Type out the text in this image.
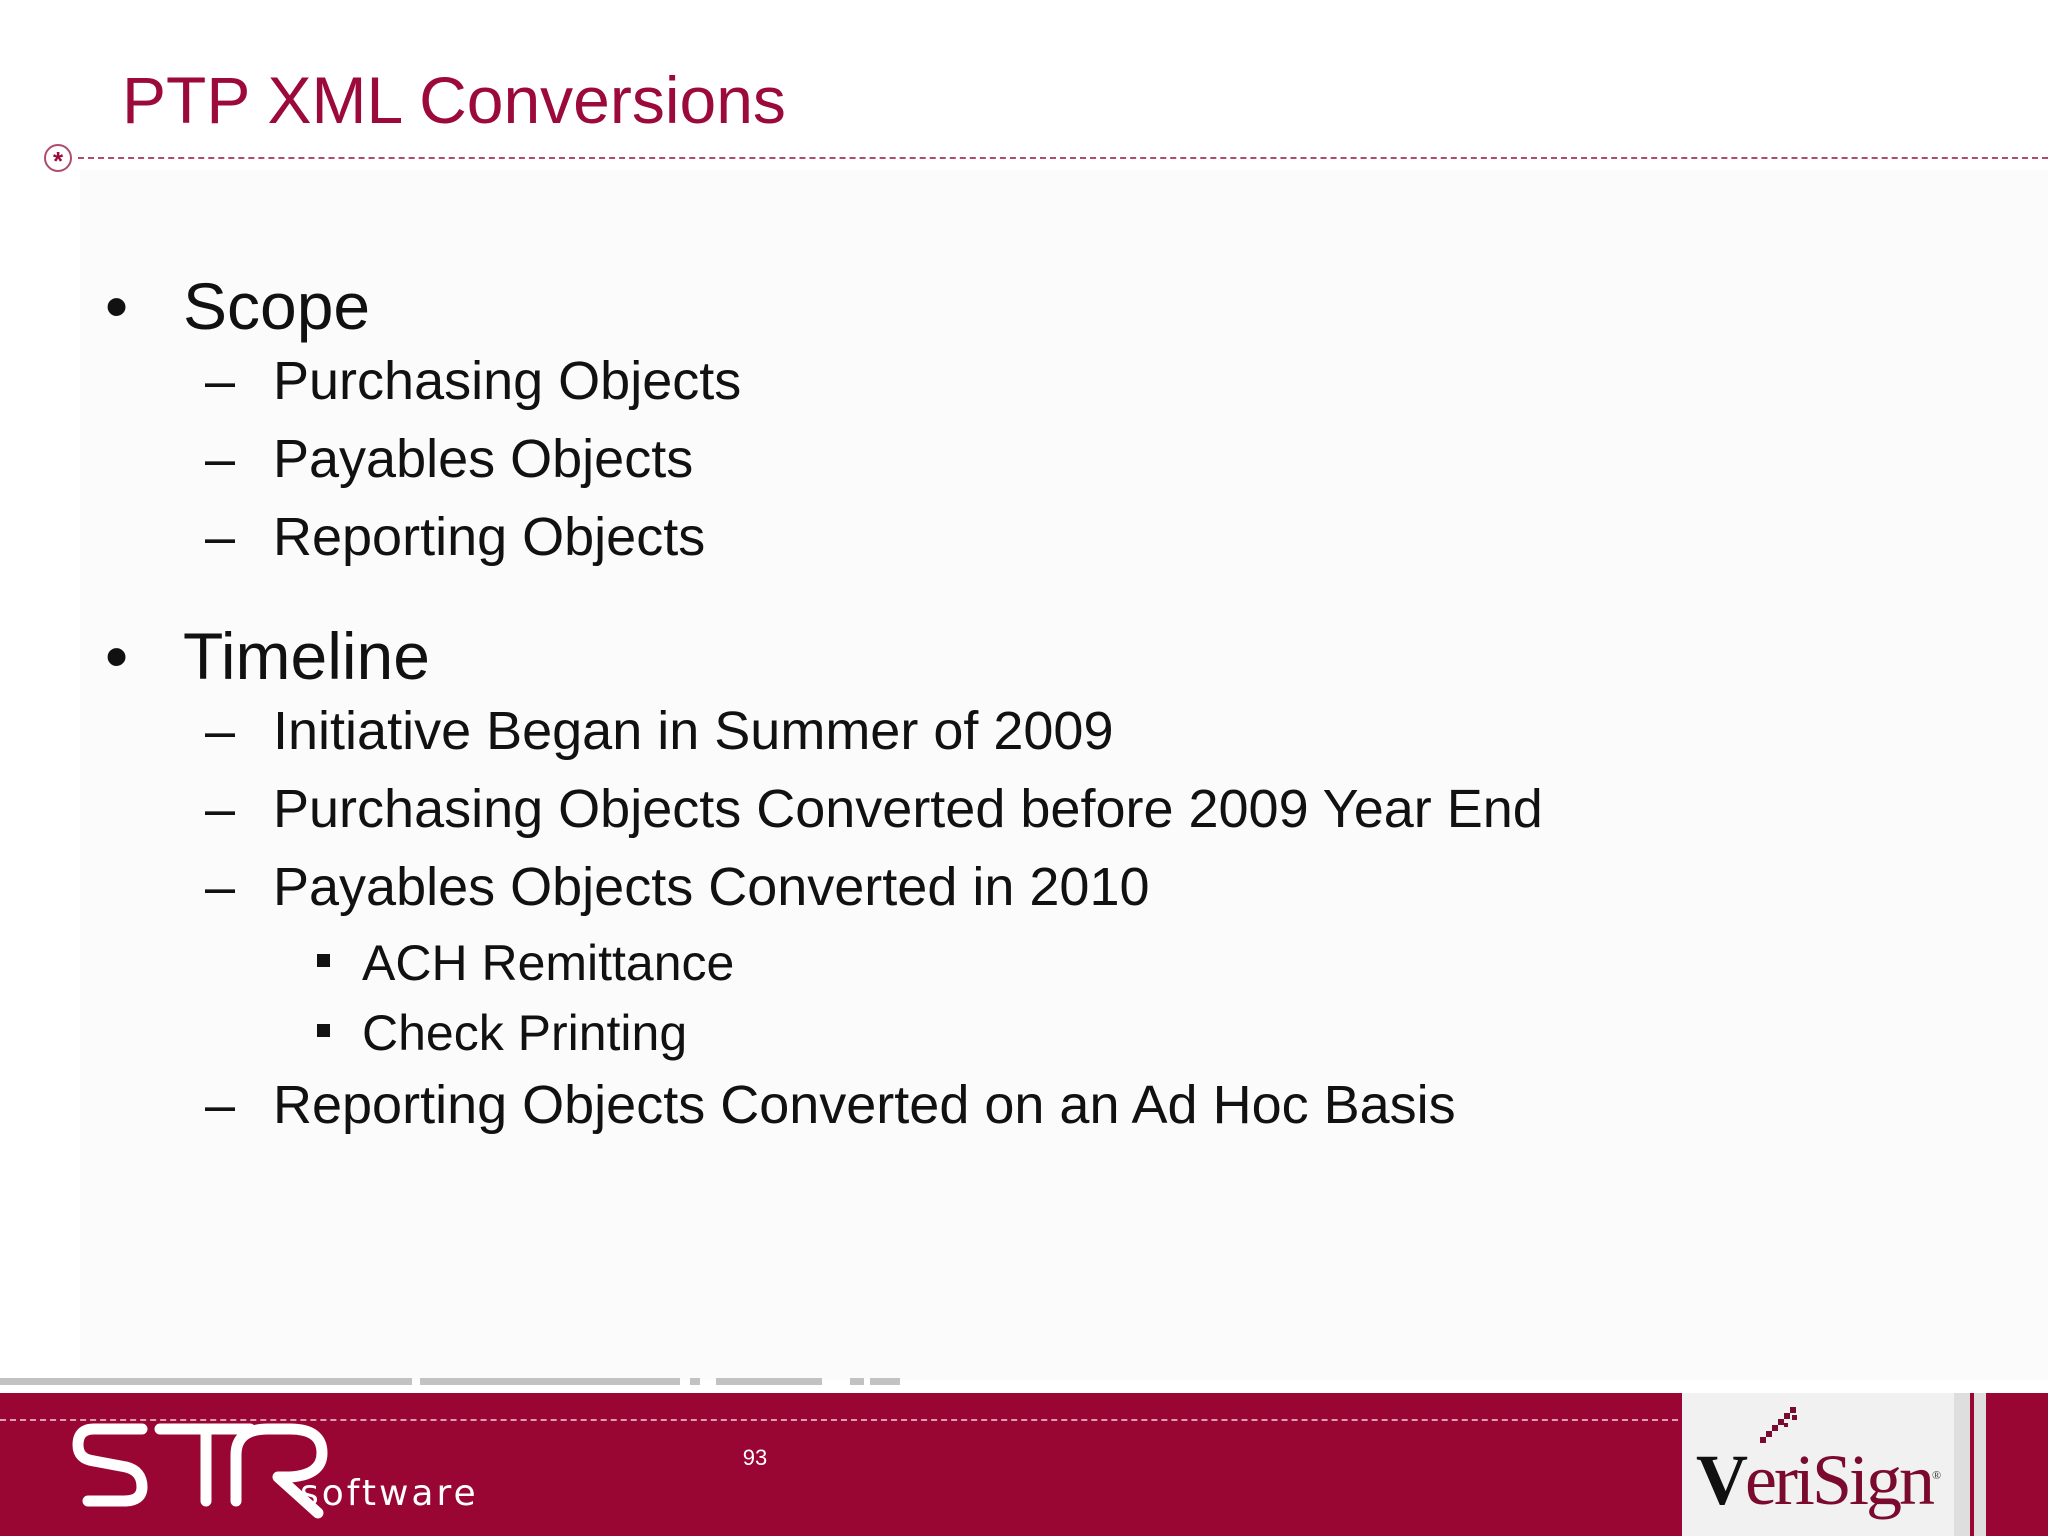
PTP XML Conversions
*
• Scope
– Purchasing Objects
– Payables Objects
– Reporting Objects
• Timeline
– Initiative Began in Summer of 2009
– Purchasing Objects Converted before 2009 Year End
– Payables Objects Converted in 2010
ACH Remittance
Check Printing
– Reporting Objects Converted on an Ad Hoc Basis
software
93	VeriSign®
